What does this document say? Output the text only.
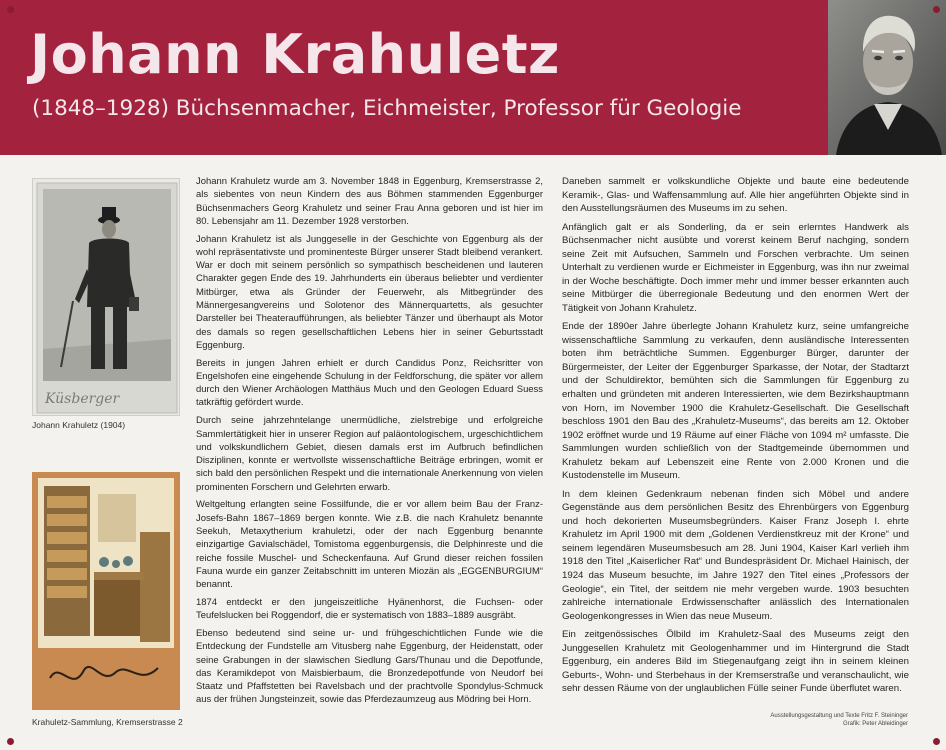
Johann Krahuletz
(1848–1928) Büchsenmacher, Eichmeister, Professor für Geologie
Küsberger
Johann Krahuletz (1904)
Krahuletz-Sammlung, Kremserstrasse 2

Johann Krahuletz wurde am 3. November 1848 in Eggenburg, Kremserstrasse 2, als siebentes von neun Kindern des aus Böhmen stammenden Eggenburger Büchsenmachers Georg Krahuletz und seiner Frau Anna geboren und ist hier im 80. Lebensjahr am 11. Dezember 1928 verstorben.

Johann Krahuletz ist als Junggeselle in der Geschichte von Eggenburg als der wohl repräsentativste und prominenteste Bürger unserer Stadt bleibend verankert. War er doch mit seinem persönlich so sympathisch bescheidenen und lauteren Charakter gegen Ende des 19. Jahrhunderts ein überaus beliebter und verdienter Mitbürger, etwa als Gründer der Feuerwehr, als Mitbegründer des Männergesangvereins und Solotenor des Männerquartetts, als gesuchter Darsteller bei Theateraufführungen, als beliebter Tänzer und überhaupt als Motor des damals so regen gesellschaftlichen Lebens hier in seiner Geburtsstadt Eggenburg.

Bereits in jungen Jahren erhielt er durch Candidus Ponz, Reichsritter von Engelshofen eine eingehende Schulung in der Feldforschung, die später vor allem durch den Wiener Archäologen Matthäus Much und den Geologen Eduard Suess tatkräftig gefördert wurde.

Durch seine jahrzehntelange unermüdliche, zielstrebige und erfolgreiche Sammlertätigkeit hier in unserer Region auf paläontologischem, urgeschichtlichem und volkskundlichem Gebiet, diesen damals erst im Aufbruch befindlichen Disziplinen, konnte er wertvollste wissenschaftliche Beiträge erbringen, womit er sich bald den persönlichen Respekt und die internationale Anerkennung von vielen prominenten Forschern und Gelehrten erwarb.

Weltgeltung erlangten seine Fossilfunde, die er vor allem beim Bau der Franz-Josefs-Bahn 1867–1869 bergen konnte. Wie z.B. die nach Krahuletz benannte Seekuh, Metaxytherium krahuletzi, oder der nach Eggenburg benannte einzigartige Gavialschädel, Tomistoma eggenburgensis, die Delphinreste und die reiche fossile Muschel- und Scheckenfauna. Auf Grund dieser reichen fossilen Fauna wurde ein ganzer Zeitabschnitt im unteren Miozän als „EGGENBURGIUM“ benannt.

1874 entdeckt er den jungeiszeitliche Hyänenhorst, die Fuchsen- oder Teufelslucken bei Roggendorf, die er systematisch von 1883–1889 ausgräbt.

Ebenso bedeutend sind seine ur- und frühgeschichtlichen Funde wie die Entdeckung der Fundstelle am Vitusberg nahe Eggenburg, der Heidenstatt, oder seine Grabungen in der slawischen Siedlung Gars/Thunau und die Depotfunde, das Keramikdepot von Maisbierbaum, die Bronzedepotfunde von Neudorf bei Staatz und Pfaffstetten bei Ravelsbach und der prachtvolle Spondylus-Schmuck aus der frühen Jungsteinzeit, sowie das Pferdezaumzeug aus Mödring bei Horn.

Daneben sammelt er volkskundliche Objekte und baute eine bedeutende Keramik-, Glas- und Waffensammlung auf. Alle hier angeführten Objekte sind in den Ausstellungsräumen des Museums im zu sehen.

Anfänglich galt er als Sonderling, da er sein erlerntes Handwerk als Büchsenmacher nicht ausübte und vorerst keinem Beruf nachging, sondern seine Zeit mit Aufsuchen, Sammeln und Forschen verbrachte. Um seinen Unterhalt zu verdienen wurde er Eichmeister in Eggenburg, was ihn nur zweimal in der Woche beschäftigte. Doch immer mehr und immer besser erkannten auch seine Mitbürger die überregionale Bedeutung und den enormen Wert der Tätigkeit von Johann Krahuletz.

Ende der 1890er Jahre überlegte Johann Krahuletz kurz, seine umfangreiche wissenschaftliche Sammlung zu verkaufen, denn ausländische Interessenten boten ihm beträchtliche Summen. Eggenburger Bürger, darunter der Bürgermeister, der Leiter der Eggenburger Sparkasse, der Notar, der Stadtarzt und der Schuldirektor, bemühten sich die Sammlungen für Eggenburg zu erhalten und gründeten mit anderen Interessierten, wie dem Bezirkshauptmann von Horn, im November 1900 die Krahuletz-Gesellschaft. Die Gesellschaft beschloss 1901 den Bau des „Krahuletz-Museums“, das bereits am 12. Oktober 1902 eröffnet wurde und 19 Räume auf einer Fläche von 1094 m² umfasste. Die Sammlungen wurden schließlich von der Stadtgemeinde übernommen und Krahuletz bekam auf Lebenszeit eine Rente von 2.000 Kronen und die Kustodenstelle im Museum.

In dem kleinen Gedenkraum nebenan finden sich Möbel und andere Gegenstände aus dem persönlichen Besitz des Ehrenbürgers von Eggenburg und hoch dekorierten Museumsbegründers. Kaiser Franz Joseph I. ehrte Krahuletz im April 1900 mit dem „Goldenen Verdienstkreuz mit der Krone“ und seinem legendären Museumsbesuch am 28. Juni 1904, Kaiser Karl verlieh ihm 1918 den Titel „Kaiserlicher Rat“ und Bundespräsident Dr. Michael Hainisch, der 1924 das Museum besuchte, im Jahre 1927 den Titel eines „Professors der Geologie“, ein Titel, der seitdem nie mehr vergeben wurde. 1903 besuchten zahlreiche internationale Erdwissenschafter anlässlich des Internationalen Geologenkongresses in Wien das neue Museum.

Ein zeitgenössisches Ölbild im Krahuletz-Saal des Museums zeigt den Junggesellen Krahuletz mit Geologenhammer und im Hintergrund die Stadt Eggenburg, ein anderes Bild im Stiegenaufgang zeigt ihn in seinem kleinen Geburts-, Wohn- und Sterbehaus in der Kremserstraße und veranschaulicht, wie sehr dessen Räume von der unglaublichen Fülle seiner Funde überflutet waren.

Ausstellungsgestaltung und Texte Fritz F. Steininger
Grafik: Peter Ableidinger
